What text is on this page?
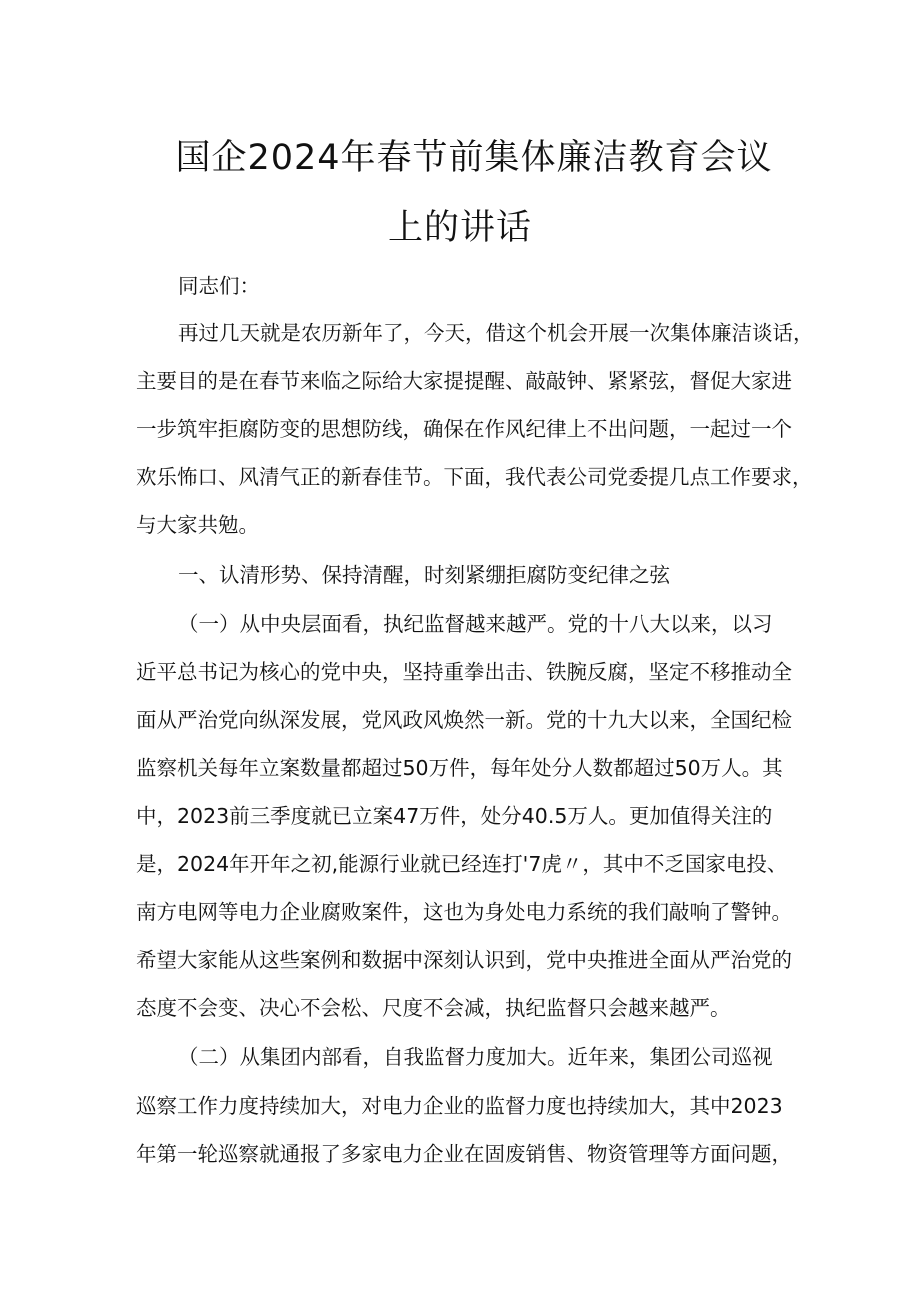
国企2024年春节前集体廉洁教育会议
上的讲话
同志们：
再过几天就是农历新年了，今天，借这个机会开展一次集体廉洁谈话，
主要目的是在春节来临之际给大家提提醒、敲敲钟、紧紧弦，督促大家进
一步筑牢拒腐防变的思想防线，确保在作风纪律上不出问题，一起过一个
欢乐怖口、风清气正的新春佳节。下面，我代表公司党委提几点工作要求，
与大家共勉。
一、认清形势、保持清醒，时刻紧绷拒腐防变纪律之弦
（一）从中央层面看，执纪监督越来越严。党的十八大以来，以习
近平总书记为核心的党中央，坚持重拳出击、铁腕反腐，坚定不移推动全
面从严治党向纵深发展，党风政风焕然一新。党的十九大以来，全国纪检
监察机关每年立案数量都超过50万件，每年处分人数都超过50万人。其
中，2023前三季度就已立案47万件，处分40.5万人。更加值得关注的
是，2024年开年之初,能源行业就已经连打'7虎〃，其中不乏国家电投、
南方电网等电力企业腐败案件，这也为身处电力系统的我们敲响了警钟。
希望大家能从这些案例和数据中深刻认识到，党中央推进全面从严治党的
态度不会变、决心不会松、尺度不会减，执纪监督只会越来越严。
（二）从集团内部看，自我监督力度加大。近年来，集团公司巡视
巡察工作力度持续加大，对电力企业的监督力度也持续加大，其中2023
年第一轮巡察就通报了多家电力企业在固废销售、物资管理等方面问题，
